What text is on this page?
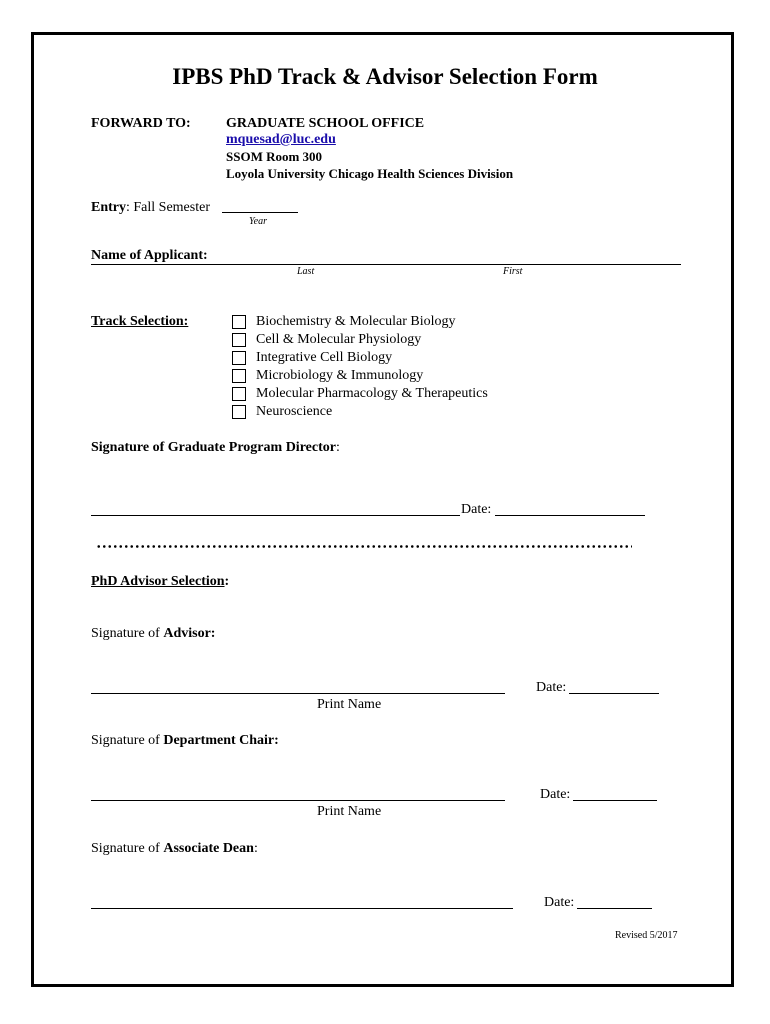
IPBS PhD Track & Advisor Selection Form
FORWARD TO:	GRADUATE SCHOOL OFFICE
mquesad@luc.edu
SSOM Room 300
Loyola University Chicago Health Sciences Division
Entry: Fall Semester
Year
Name of Applicant:
Last	First
Track Selection:	Biochemistry & Molecular Biology
Cell & Molecular Physiology
Integrative Cell Biology
Microbiology & Immunology
Molecular Pharmacology & Therapeutics
Neuroscience
Signature of Graduate Program Director:
Date:
PhD Advisor Selection:
Signature of Advisor:
Date:
Print Name
Signature of Department Chair:
Date:
Print Name
Signature of Associate Dean:
Date:
Revised 5/2017
